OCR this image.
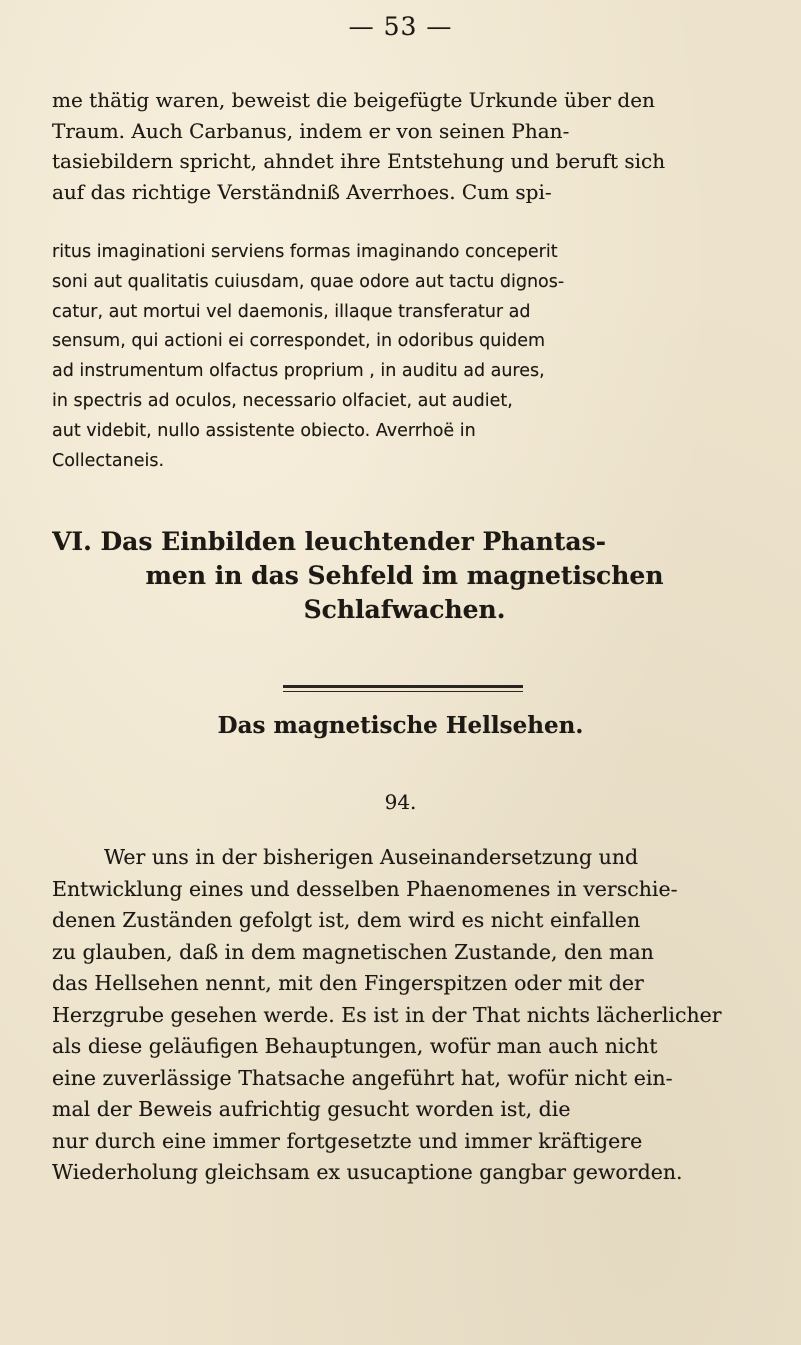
— 53 —
me thätig waren, beweist die beigefügte Urkunde über den
Traum. Auch Carbanus, indem er von seinen Phan-
tasiebildern spricht, ahndet ihre Entstehung und beruft sich
auf das richtige Verständniß Averrhoes. Cum spi-
ritus imaginationi serviens formas imaginando conceperit
soni aut qualitatis cuiusdam, quae odore aut tactu dignos-
catur, aut mortui vel daemonis, illaque transferatur ad
sensum, qui actioni ei correspondet, in odoribus quidem
ad instrumentum olfactus proprium , in auditu ad aures,
in spectris ad oculos, necessario olfaciet, aut audiet,
aut videbit, nullo assistente obiecto. Averrhoë in
Collectaneis.
VI. Das Einbilden leuchtender Phantas-
men in das Sehfeld im magnetischen
Schlafwachen.
Das magnetische Hellsehen.
94.
Wer uns in der bisherigen Auseinandersetzung und
Entwicklung eines und desselben Phaenomenes in verschie-
denen Zuständen gefolgt ist, dem wird es nicht einfallen
zu glauben, daß in dem magnetischen Zustande, den man
das Hellsehen nennt, mit den Fingerspitzen oder mit der
Herzgrube gesehen werde. Es ist in der That nichts lächerlicher
als diese geläufigen Behauptungen, wofür man auch nicht
eine zuverlässige Thatsache angeführt hat, wofür nicht ein-
mal der Beweis aufrichtig gesucht worden ist, die
nur durch eine immer fortgesetzte und immer kräftigere
Wiederholung gleichsam ex usucaptione gangbar geworden.
